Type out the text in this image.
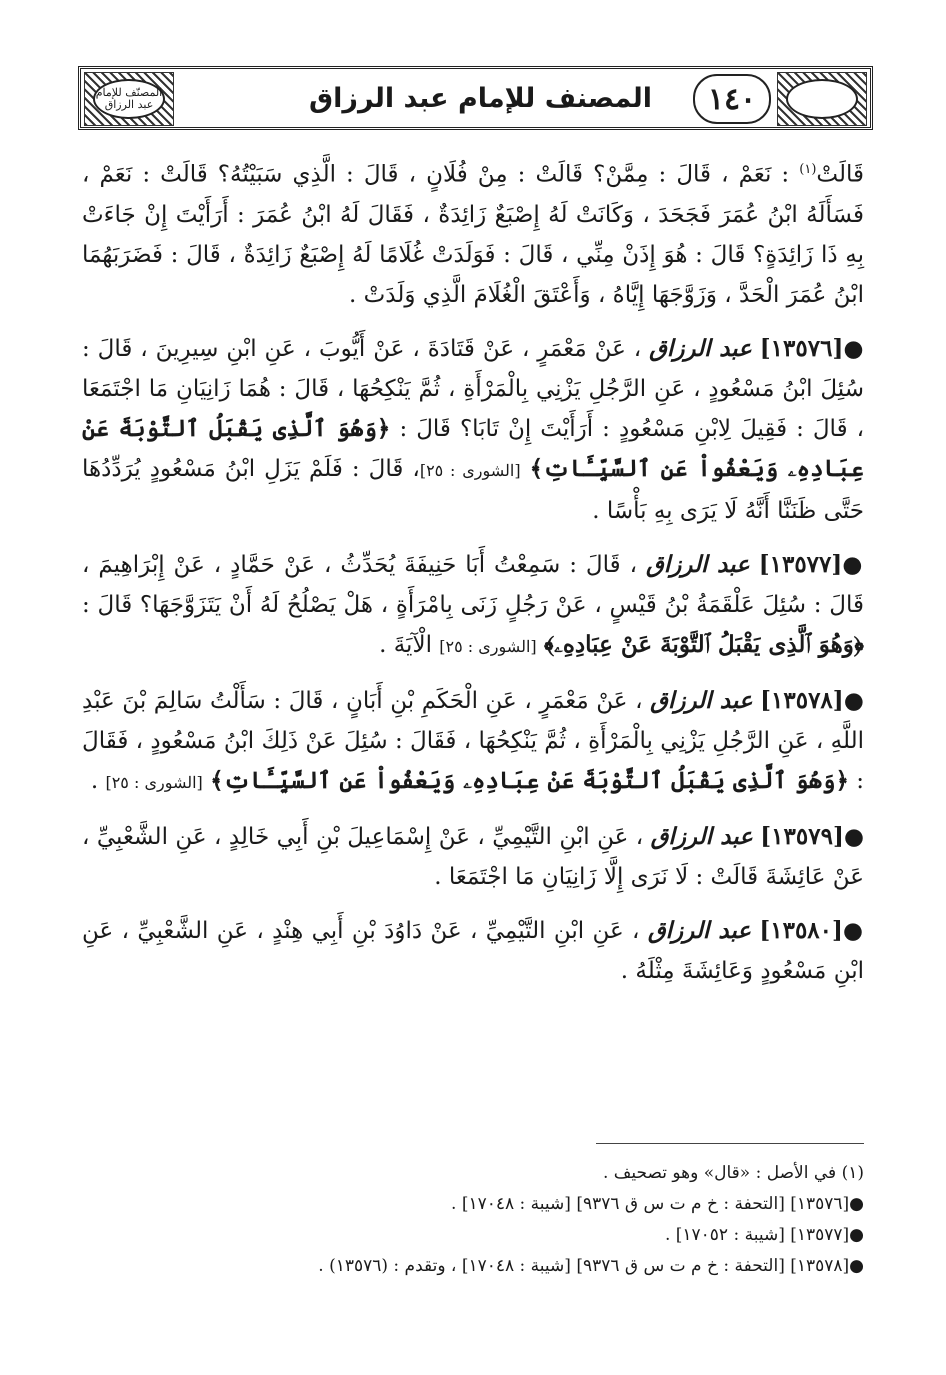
المصنّف للإمام عبد الرزاق	المصنف للإمام عبد الرزاق	١٤٠

قَالَتْ$^{(١)}$ : نَعَمْ ، قَالَ : مِمَّنْ؟ قَالَتْ : مِنْ فُلَانٍ ، قَالَ : الَّذِي سَبَيْتُهُ؟ قَالَتْ : نَعَمْ ، فَسَأَلَهُ ابْنُ عُمَرَ فَجَحَدَ ، وَكَانَتْ لَهُ إِصْبَعٌ زَائِدَةٌ ، فَقَالَ لَهُ ابْنُ عُمَرَ : أَرَأَيْتَ إِنْ جَاءَتْ بِهِ ذَا زَائِدَةٍ؟ قَالَ : هُوَ إِذَنْ مِنِّي ، قَالَ : فَوَلَدَتْ غُلَامًا لَهُ إِصْبَعٌ زَائِدَةٌ ، قَالَ : فَضَرَبَهُمَا ابْنُ عُمَرَ الْحَدَّ ، وَزَوَّجَهَا إِيَّاهُ ، وَأَعْتَقَ الْغُلَامَ الَّذِي وَلَدَتْ .

●[١٣٥٧٦] عبد الرزاق ، عَنْ مَعْمَرٍ ، عَنْ قَتَادَةَ ، عَنْ أَيُّوبَ ، عَنِ ابْنِ سِيرِينَ ، قَالَ : سُئِلَ ابْنُ مَسْعُودٍ ، عَنِ الرَّجُلِ يَزْنِي بِالْمَرْأَةِ ، ثُمَّ يَنْكِحُهَا ، قَالَ : هُمَا زَانِيَانِ مَا اجْتَمَعَا ، قَالَ : فَقِيلَ لِابْنِ مَسْعُودٍ : أَرَأَيْتَ إِنْ تَابَا؟ قَالَ : ﴿وَهُوَ ٱلَّذِى يَقْبَلُ ٱلتَّوْبَةَ عَنْ عِبَادِهِۦ وَيَعْفُواْ عَنِ ٱلسَّيِّـَٔاتِ﴾ [الشورى : ٢٥]، قَالَ : فَلَمْ يَزَلِ ابْنُ مَسْعُودٍ يُرَدِّدُهَا حَتَّى ظَنَنَّا أَنَّهُ لَا يَرَى بِهِ بَأْسًا .

●[١٣٥٧٧] عبد الرزاق ، قَالَ : سَمِعْتُ أَبَا حَنِيفَةَ يُحَدِّثُ ، عَنْ حَمَّادٍ ، عَنْ إِبْرَاهِيمَ ، قَالَ : سُئِلَ عَلْقَمَةُ بْنُ قَيْسٍ ، عَنْ رَجُلٍ زَنَى بِامْرَأَةٍ ، هَلْ يَصْلُحُ لَهُ أَنْ يَتَزَوَّجَهَا؟ قَالَ : ﴿وَهُوَ ٱلَّذِى يَقْبَلُ ٱلتَّوْبَةَ عَنْ عِبَادِهِۦ﴾ [الشورى : ٢٥] الْآيَةَ .

●[١٣٥٧٨] عبد الرزاق ، عَنْ مَعْمَرٍ ، عَنِ الْحَكَمِ بْنِ أَبَانٍ ، قَالَ : سَأَلْتُ سَالِمَ بْنَ عَبْدِ اللَّهِ ، عَنِ الرَّجُلِ يَزْنِي بِالْمَرْأَةِ ، ثُمَّ يَنْكِحُهَا ، فَقَالَ : سُئِلَ عَنْ ذَلِكَ ابْنُ مَسْعُودٍ ، فَقَالَ : ﴿وَهُوَ ٱلَّذِى يَقْبَلُ ٱلتَّوْبَةَ عَنْ عِبَادِهِۦ وَيَعْفُواْ عَنِ ٱلسَّيِّـَٔاتِ﴾ [الشورى : ٢٥] .

●[١٣٥٧٩] عبد الرزاق ، عَنِ ابْنِ التَّيْمِيِّ ، عَنْ إِسْمَاعِيلَ بْنِ أَبِي خَالِدٍ ، عَنِ الشَّعْبِيِّ ، عَنْ عَائِشَةَ قَالَتْ : لَا نَرَى إِلَّا زَانِيَانِ مَا اجْتَمَعَا .

●[١٣٥٨٠] عبد الرزاق ، عَنِ ابْنِ التَّيْمِيِّ ، عَنْ دَاوُدَ بْنِ أَبِي هِنْدٍ ، عَنِ الشَّعْبِيِّ ، عَنِ ابْنِ مَسْعُودٍ وَعَائِشَةَ مِثْلَهُ .

(١) في الأصل : «قال» وهو تصحيف .

●[١٣٥٧٦] [التحفة : خ م ت س ق ٩٣٧٦] [شيبة : ١٧٠٤٨] .

●[١٣٥٧٧] [شيبة : ١٧٠٥٢] .

●[١٣٥٧٨] [التحفة : خ م ت س ق ٩٣٧٦] [شيبة : ١٧٠٤٨] ، وتقدم : (١٣٥٧٦) .
